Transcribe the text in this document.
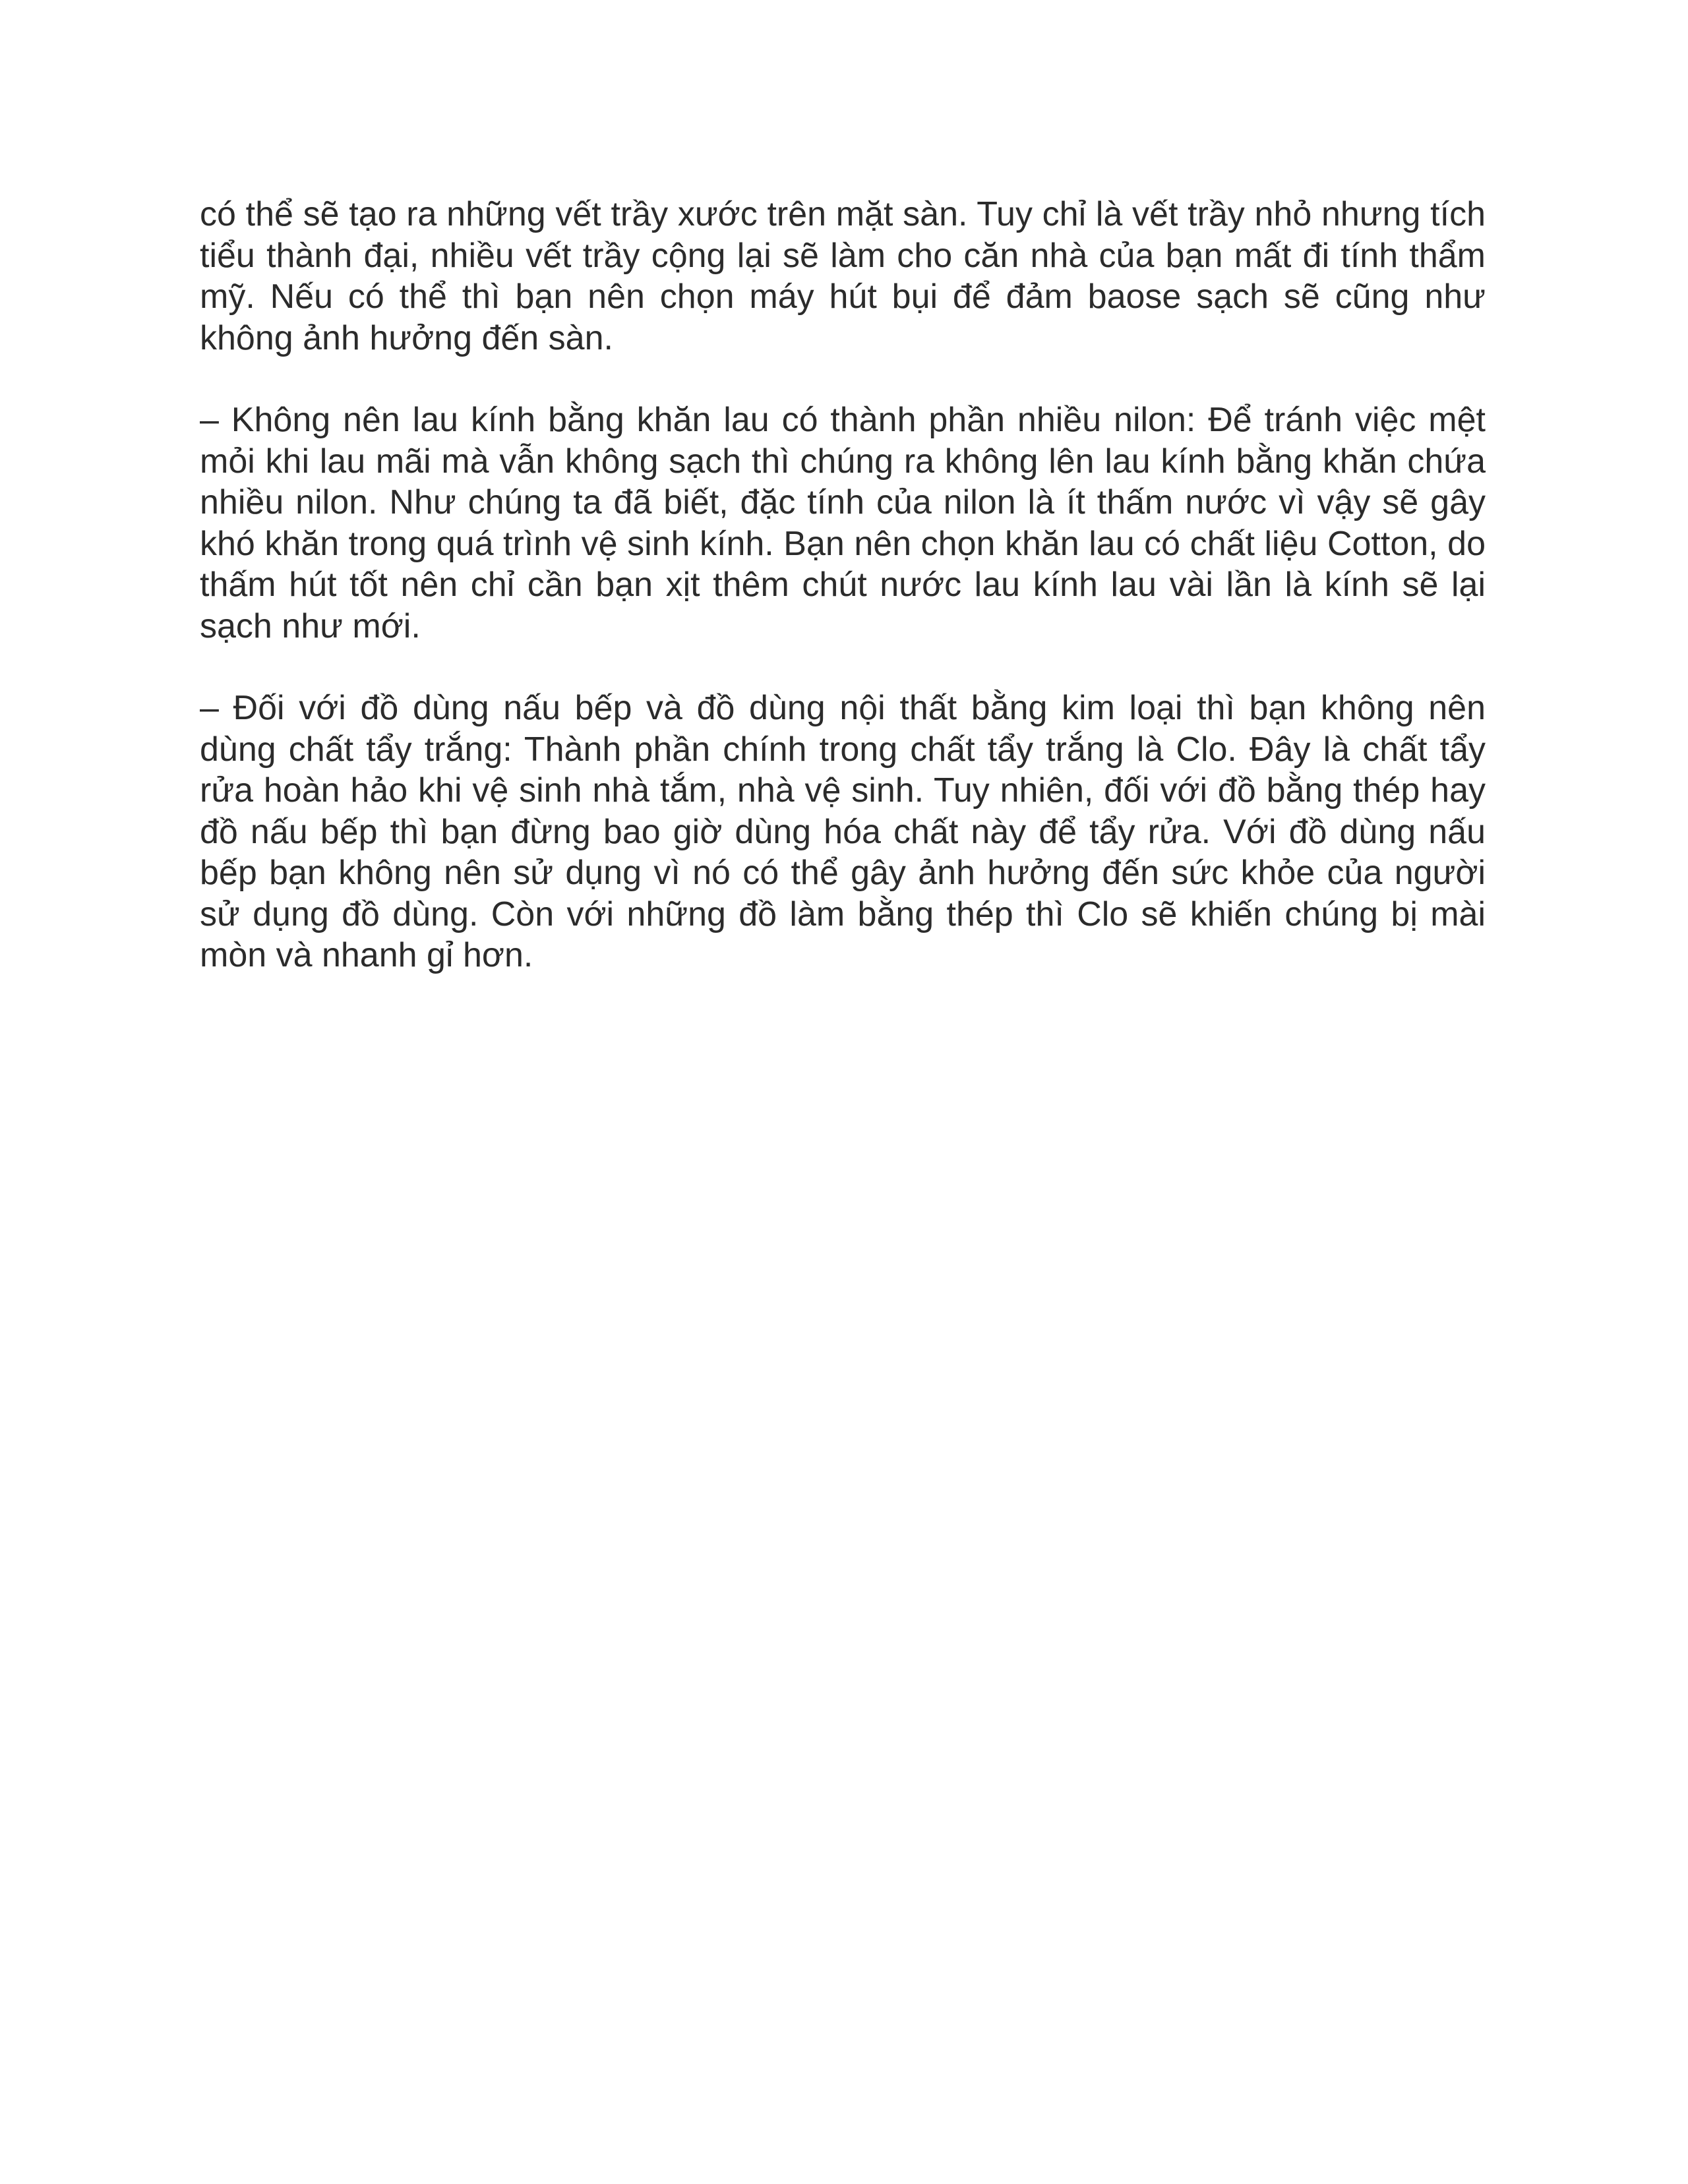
có thể sẽ tạo ra những vết trầy xước trên mặt sàn. Tuy chỉ là vết trầy nhỏ nhưng tích tiểu thành đại, nhiều vết trầy cộng lại sẽ làm cho căn nhà của bạn mất đi tính thẩm mỹ. Nếu có thể thì bạn nên chọn máy hút bụi để đảm baose sạch sẽ cũng như không ảnh hưởng đến sàn.

– Không nên lau kính bằng khăn lau có thành phần nhiều nilon: Để tránh việc mệt mỏi khi lau mãi mà vẫn không sạch thì chúng ra không lên lau kính bằng khăn chứa nhiều nilon. Như chúng ta đã biết, đặc tính của nilon là ít thấm nước vì vậy sẽ gây khó khăn trong quá trình vệ sinh kính. Bạn nên chọn khăn lau có chất liệu Cotton, do thấm hút tốt nên chỉ cần bạn xịt thêm chút nước lau kính lau vài lần là kính sẽ lại sạch như mới.

– Đối với đồ dùng nấu bếp và đồ dùng nội thất bằng kim loại thì bạn không nên dùng chất tẩy trắng: Thành phần chính trong chất tẩy trắng là Clo. Đây là chất tẩy rửa hoàn hảo khi vệ sinh nhà tắm, nhà vệ sinh. Tuy nhiên, đối với đồ bằng thép hay đồ nấu bếp thì bạn đừng bao giờ dùng hóa chất này để tẩy rửa. Với đồ dùng nấu bếp bạn không nên sử dụng vì nó có thể gây ảnh hưởng đến sức khỏe của người sử dụng đồ dùng. Còn với những đồ làm bằng thép thì Clo sẽ khiến chúng bị mài mòn và nhanh gỉ hơn.
